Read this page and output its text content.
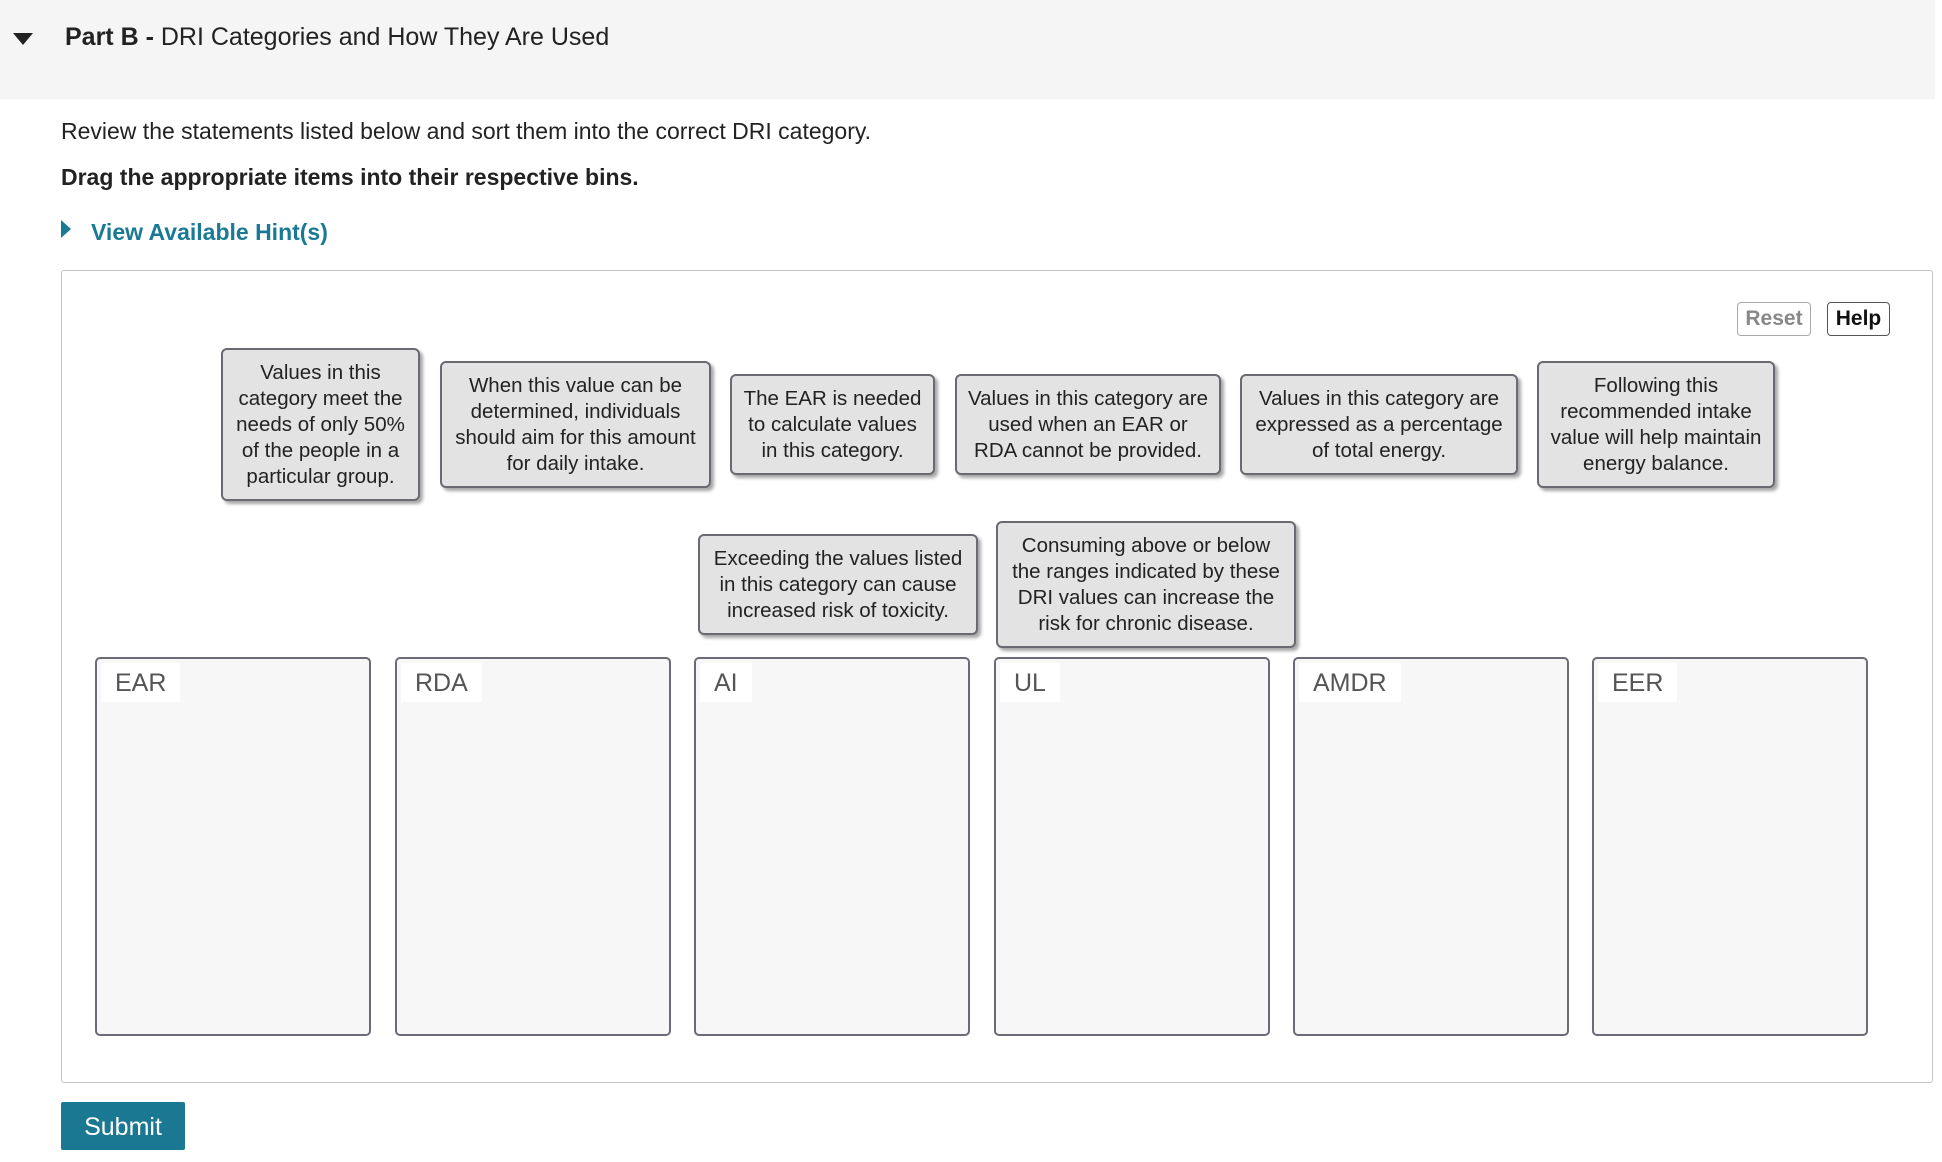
Part B - DRI Categories and How They Are Used
Review the statements listed below and sort them into the correct DRI category.
Drag the appropriate items into their respective bins.
View Available Hint(s)
Reset	Help
Values in this category meet the needs of only 50% of the people in a particular group.
When this value can be determined, individuals should aim for this amount for daily intake.
The EAR is needed to calculate values in this category.
Values in this category are used when an EAR or RDA cannot be provided.
Values in this category are expressed as a percentage of total energy.
Following this recommended intake value will help maintain energy balance.
Exceeding the values listed in this category can cause increased risk of toxicity.
Consuming above or below the ranges indicated by these DRI values can increase the risk for chronic disease.
EAR	RDA	AI	UL	AMDR	EER
Submit
